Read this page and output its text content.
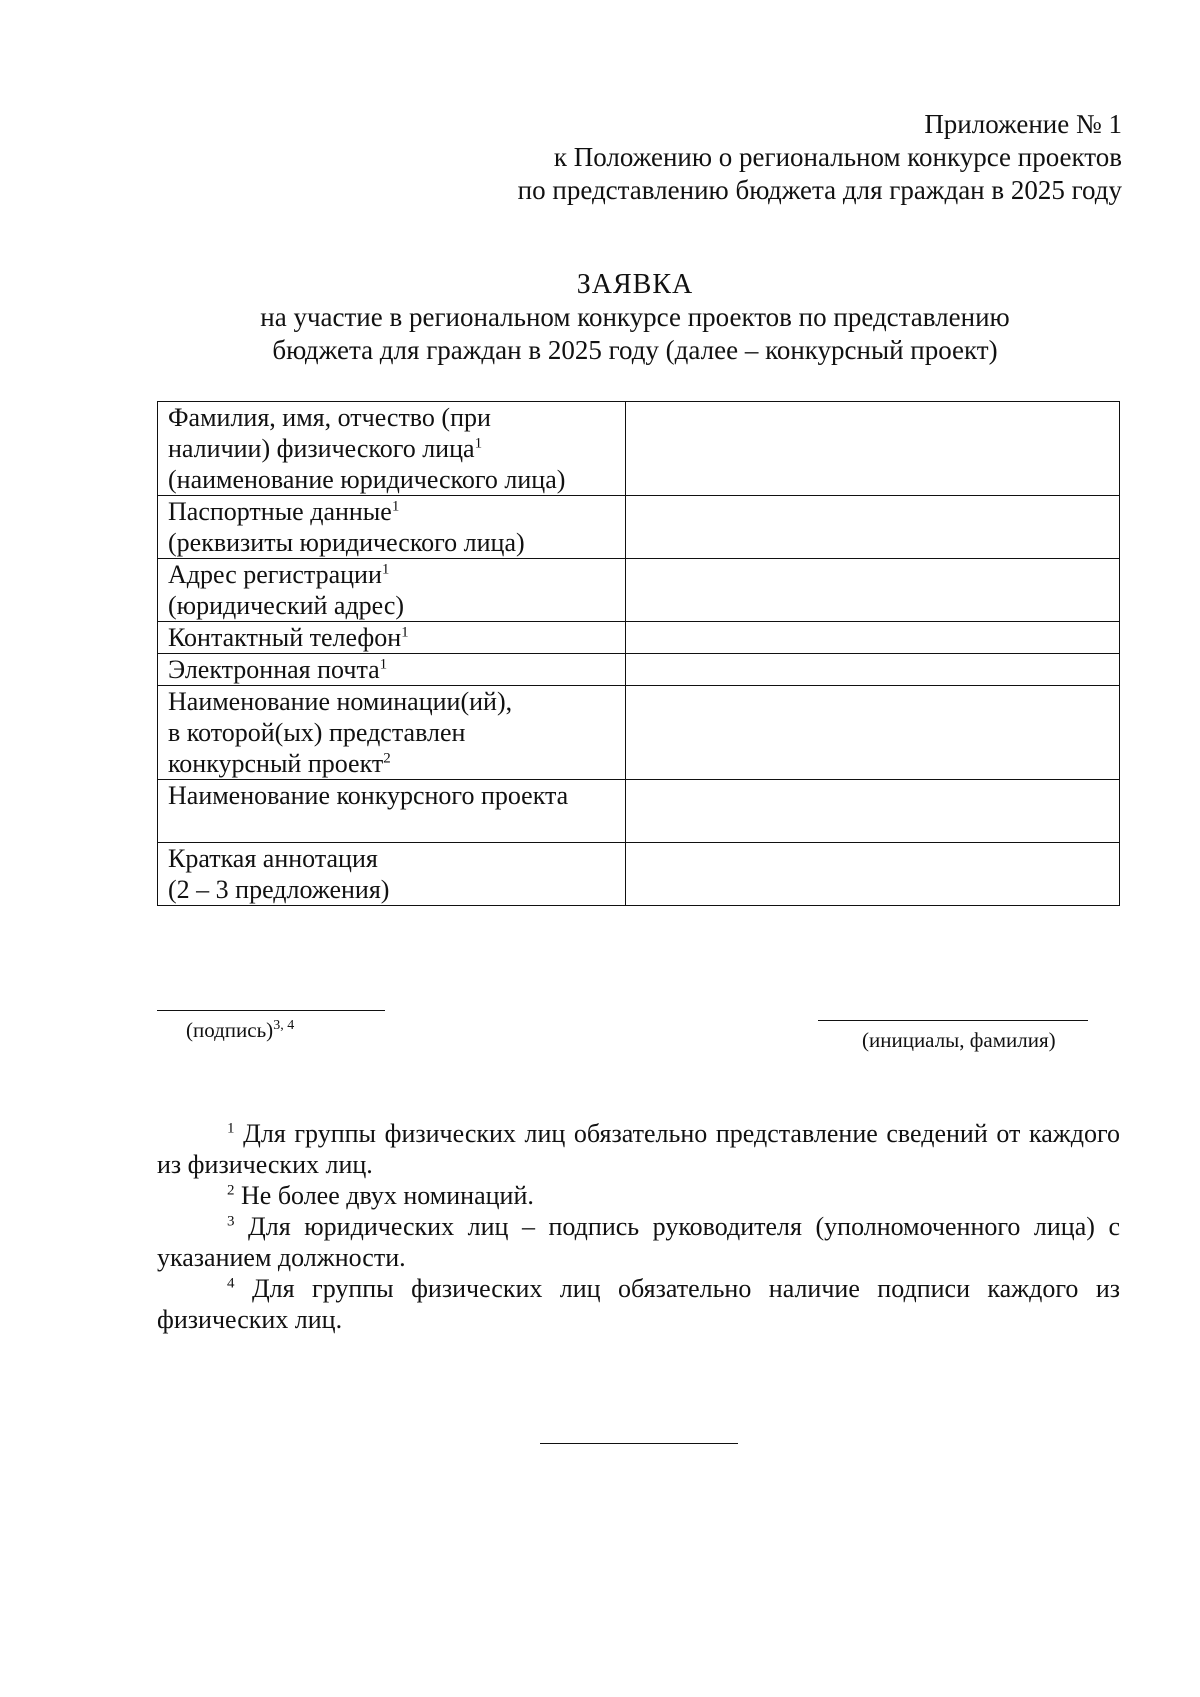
Приложение № 1
к Положению о региональном конкурсе проектов
по представлению бюджета для граждан в 2025 году
ЗАЯВКА
на участие в региональном конкурсе проектов по представлению
бюджета для граждан в 2025 году (далее – конкурсный проект)
Фамилия, имя, отчество (при
наличии) физического лица$^1$
(наименование юридического лица)	

Паспортные данные$^1$
(реквизиты юридического лица)	

Адрес регистрации$^1$
(юридический адрес)	

Контактный телефон$^1$

Электронная почта$^1$

Наименование номинации(ий),
в которой(ых) представлен
конкурсный проект$^2$

Наименование конкурсного проекта	

Краткая аннотация
(2 – 3 предложения)	

(подпись)$^{3, 4}$
(инициалы, фамилия)

$^1$ Для группы физических лиц обязательно представление сведений от каждого из физических лиц.

$^2$ Не более двух номинаций.

$^3$ Для юридических лиц – подпись руководителя (уполномоченного лица) с указанием должности.

$^4$ Для группы физических лиц обязательно наличие подписи каждого из физических лиц.
